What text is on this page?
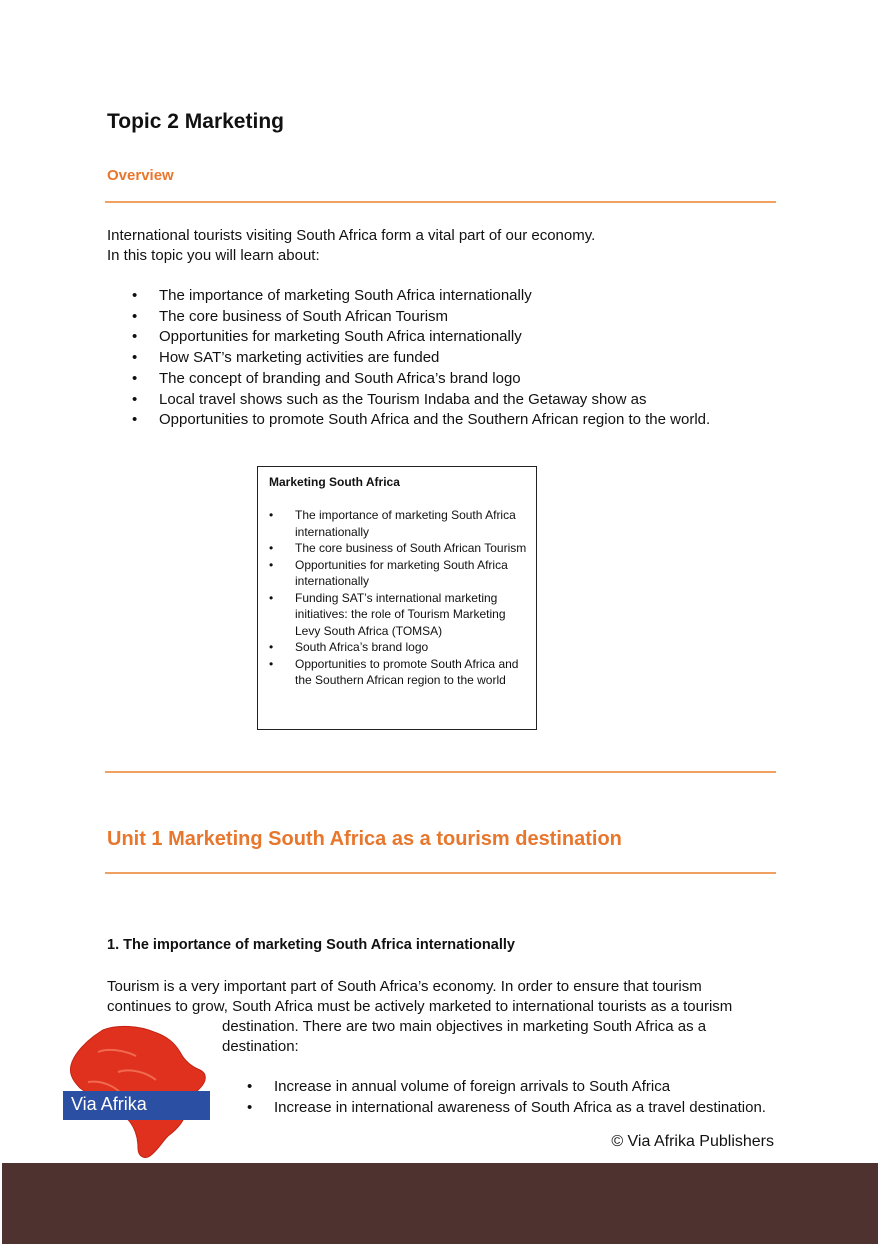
Topic 2 Marketing
Overview
International tourists visiting South Africa form a vital part of our economy.
In this topic you will learn about:
• The importance of marketing South Africa internationally
• The core business of South African Tourism
• Opportunities for marketing South Africa internationally
• How SAT’s marketing activities are funded
• The concept of branding and South Africa’s brand logo
• Local travel shows such as the Tourism Indaba and the Getaway show as
• Opportunities to promote South Africa and the Southern African region to the world.
Marketing South Africa
• The importance of marketing South Africa internationally
• The core business of South African Tourism
• Opportunities for marketing South Africa internationally
• Funding SAT’s international marketing initiatives: the role of Tourism Marketing Levy South Africa (TOMSA)
• South Africa’s brand logo
• Opportunities to promote South Africa and the Southern African region to the world
Unit 1 Marketing South Africa as a tourism destination
1. The importance of marketing South Africa internationally
Tourism is a very important part of South Africa’s economy. In order to ensure that tourism
continues to grow, South Africa must be actively marketed to international tourists as a tourism
destination. There are two main objectives in marketing South Africa as a
destination:
• Increase in annual volume of foreign arrivals to South Africa
• Increase in international awareness of South Africa as a travel destination.
Via Afrika
© Via Afrika Publishers
